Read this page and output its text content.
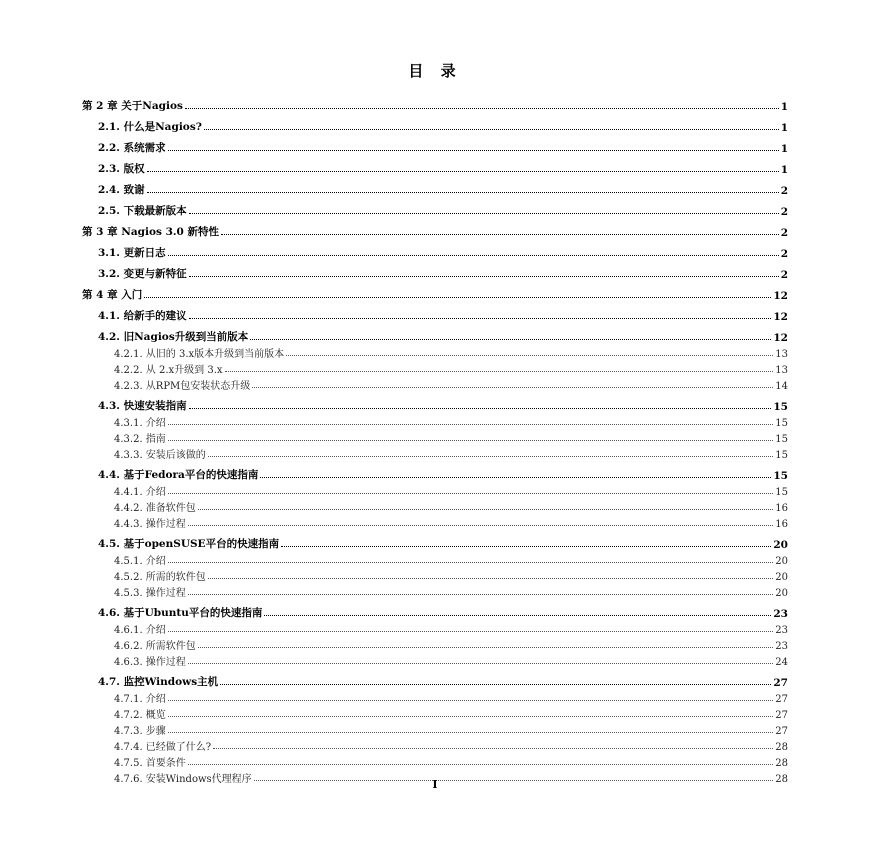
目 录
第 2 章 关于Nagios	1
2.1. 什么是Nagios?	1
2.2. 系统需求	1
2.3. 版权	1
2.4. 致谢	2
2.5. 下载最新版本	2
第 3 章 Nagios 3.0 新特性	2
3.1. 更新日志	2
3.2. 变更与新特征	2
第 4 章 入门	12
4.1. 给新手的建议	12
4.2. 旧Nagios升级到当前版本	12
4.2.1. 从旧的 3.x版本升级到当前版本	13
4.2.2. 从 2.x升级到 3.x	13
4.2.3. 从RPM包安装状态升级	14
4.3. 快速安装指南	15
4.3.1. 介绍	15
4.3.2. 指南	15
4.3.3. 安装后该做的	15
4.4. 基于Fedora平台的快速指南	15
4.4.1. 介绍	15
4.4.2. 准备软件包	16
4.4.3. 操作过程	16
4.5. 基于openSUSE平台的快速指南	20
4.5.1. 介绍	20
4.5.2. 所需的软件包	20
4.5.3. 操作过程	20
4.6. 基于Ubuntu平台的快速指南	23
4.6.1. 介绍	23
4.6.2. 所需软件包	23
4.6.3. 操作过程	24
4.7. 监控Windows主机	27
4.7.1. 介绍	27
4.7.2. 概览	27
4.7.3. 步骤	27
4.7.4. 已经做了什么?	28
4.7.5. 首要条件	28
4.7.6. 安装Windows代理程序	28
I
